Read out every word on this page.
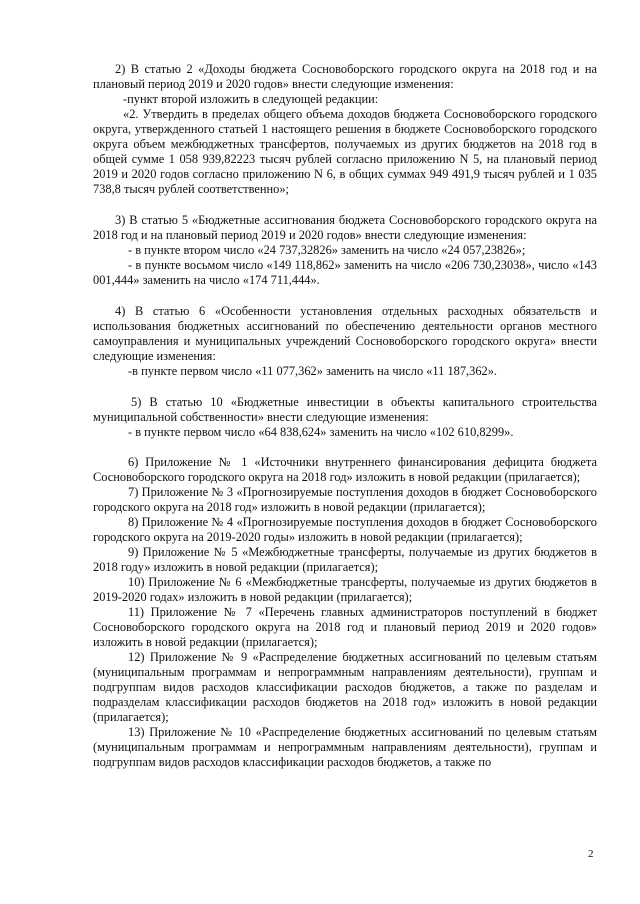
2) В статью 2 «Доходы бюджета Сосновоборского городского округа на 2018 год и на плановый период 2019 и 2020 годов» внести следующие изменения:

-пункт второй изложить в следующей редакции:

«2. Утвердить в пределах общего объема доходов бюджета Сосновоборского городского округа, утвержденного статьей 1 настоящего решения в бюджете Сосновоборского городского округа объем межбюджетных трансфертов, получаемых из других бюджетов на 2018 год в общей сумме 1 058 939,82223 тысяч рублей согласно приложению N 5, на плановый период 2019 и 2020 годов согласно приложению N 6, в общих суммах 949 491,9 тысяч рублей и 1 035 738,8 тысяч рублей соответственно»;

3) В статью 5 «Бюджетные ассигнования бюджета Сосновоборского городского округа на 2018 год и на плановый период 2019 и 2020 годов» внести следующие изменения:

- в пункте втором число «24 737,32826» заменить на число «24 057,23826»;

- в пункте восьмом число «149 118,862» заменить на число «206 730,23038», число «143 001,444» заменить на число «174 711,444».

4) В статью 6 «Особенности установления отдельных расходных обязательств и использования бюджетных ассигнований по обеспечению деятельности органов местного самоуправления и муниципальных учреждений Сосновоборского городского округа» внести следующие изменения:

-в пункте первом число «11 077,362» заменить на число «11 187,362».

5) В статью 10 «Бюджетные инвестиции в объекты капитального строительства муниципальной собственности» внести следующие изменения:

- в пункте первом число «64 838,624» заменить на число «102 610,8299».

6) Приложение № 1 «Источники внутреннего финансирования дефицита бюджета Сосновоборского городского округа на 2018 год» изложить в новой редакции (прилагается);

7) Приложение № 3 «Прогнозируемые поступления доходов в бюджет Сосновоборского городского округа на 2018 год» изложить в новой редакции (прилагается);

8) Приложение № 4 «Прогнозируемые поступления доходов в бюджет Сосновоборского городского округа на 2019-2020 годы» изложить в новой редакции (прилагается);

9) Приложение № 5 «Межбюджетные трансферты, получаемые из других бюджетов в 2018 году» изложить в новой редакции (прилагается);

10) Приложение № 6 «Межбюджетные трансферты, получаемые из других бюджетов в 2019-2020 годах» изложить в новой редакции (прилагается);

11) Приложение № 7 «Перечень главных администраторов поступлений в бюджет Сосновоборского городского округа на 2018 год и плановый период 2019 и 2020 годов» изложить в новой редакции (прилагается);

12) Приложение № 9 «Распределение бюджетных ассигнований по целевым статьям (муниципальным программам и непрограммным направлениям деятельности), группам и подгруппам видов расходов классификации расходов бюджетов, а также по разделам и подразделам классификации расходов бюджетов на 2018 год» изложить в новой редакции (прилагается);

13) Приложение № 10 «Распределение бюджетных ассигнований по целевым статьям (муниципальным программам и непрограммным направлениям деятельности), группам и подгруппам видов расходов классификации расходов бюджетов, а также по

2
